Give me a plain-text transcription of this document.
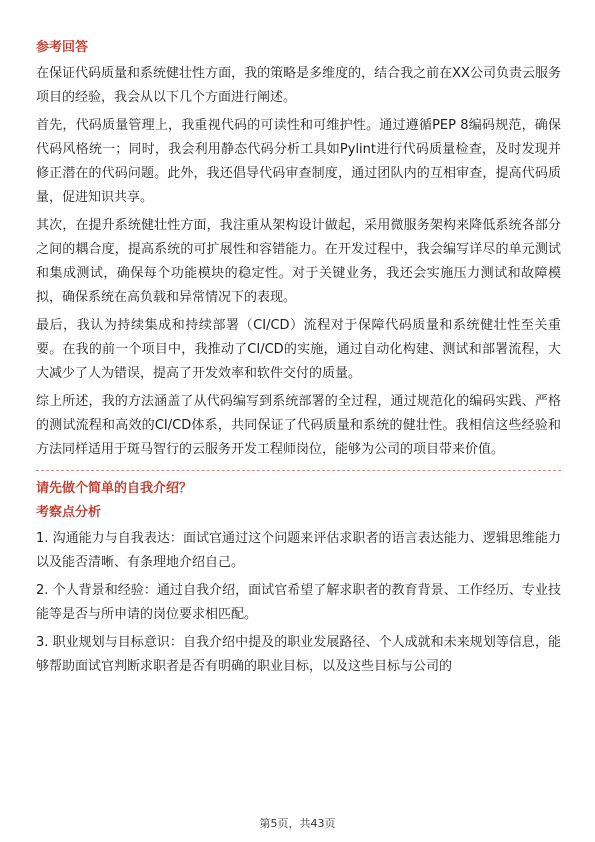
参考回答

在保证代码质量和系统健壮性方面，我的策略是多维度的，结合我之前在XX公司负责云服务项目的经验，我会从以下几个方面进行阐述。

首先，代码质量管理上，我重视代码的可读性和可维护性。通过遵循PEP 8编码规范，确保代码风格统一；同时，我会利用静态代码分析工具如Pylint进行代码质量检查，及时发现并修正潜在的代码问题。此外，我还倡导代码审查制度，通过团队内的互相审查，提高代码质量，促进知识共享。

其次，在提升系统健壮性方面，我注重从架构设计做起，采用微服务架构来降低系统各部分之间的耦合度，提高系统的可扩展性和容错能力。在开发过程中，我会编写详尽的单元测试和集成测试，确保每个功能模块的稳定性。对于关键业务，我还会实施压力测试和故障模拟，确保系统在高负载和异常情况下的表现。

最后，我认为持续集成和持续部署（CI/CD）流程对于保障代码质量和系统健壮性至关重要。在我的前一个项目中，我推动了CI/CD的实施，通过自动化构建、测试和部署流程，大大减少了人为错误，提高了开发效率和软件交付的质量。

综上所述，我的方法涵盖了从代码编写到系统部署的全过程，通过规范化的编码实践、严格的测试流程和高效的CI/CD体系，共同保证了代码质量和系统的健壮性。我相信这些经验和方法同样适用于斑马智行的云服务开发工程师岗位，能够为公司的项目带来价值。

请先做个简单的自我介绍？
考察点分析

1. 沟通能力与自我表达：面试官通过这个问题来评估求职者的语言表达能力、逻辑思维能力以及能否清晰、有条理地介绍自己。

2. 个人背景和经验：通过自我介绍，面试官希望了解求职者的教育背景、工作经历、专业技能等是否与所申请的岗位要求相匹配。

3. 职业规划与目标意识：自我介绍中提及的职业发展路径、个人成就和未来规划等信息，能够帮助面试官判断求职者是否有明确的职业目标，以及这些目标与公司的

第5页，共43页
